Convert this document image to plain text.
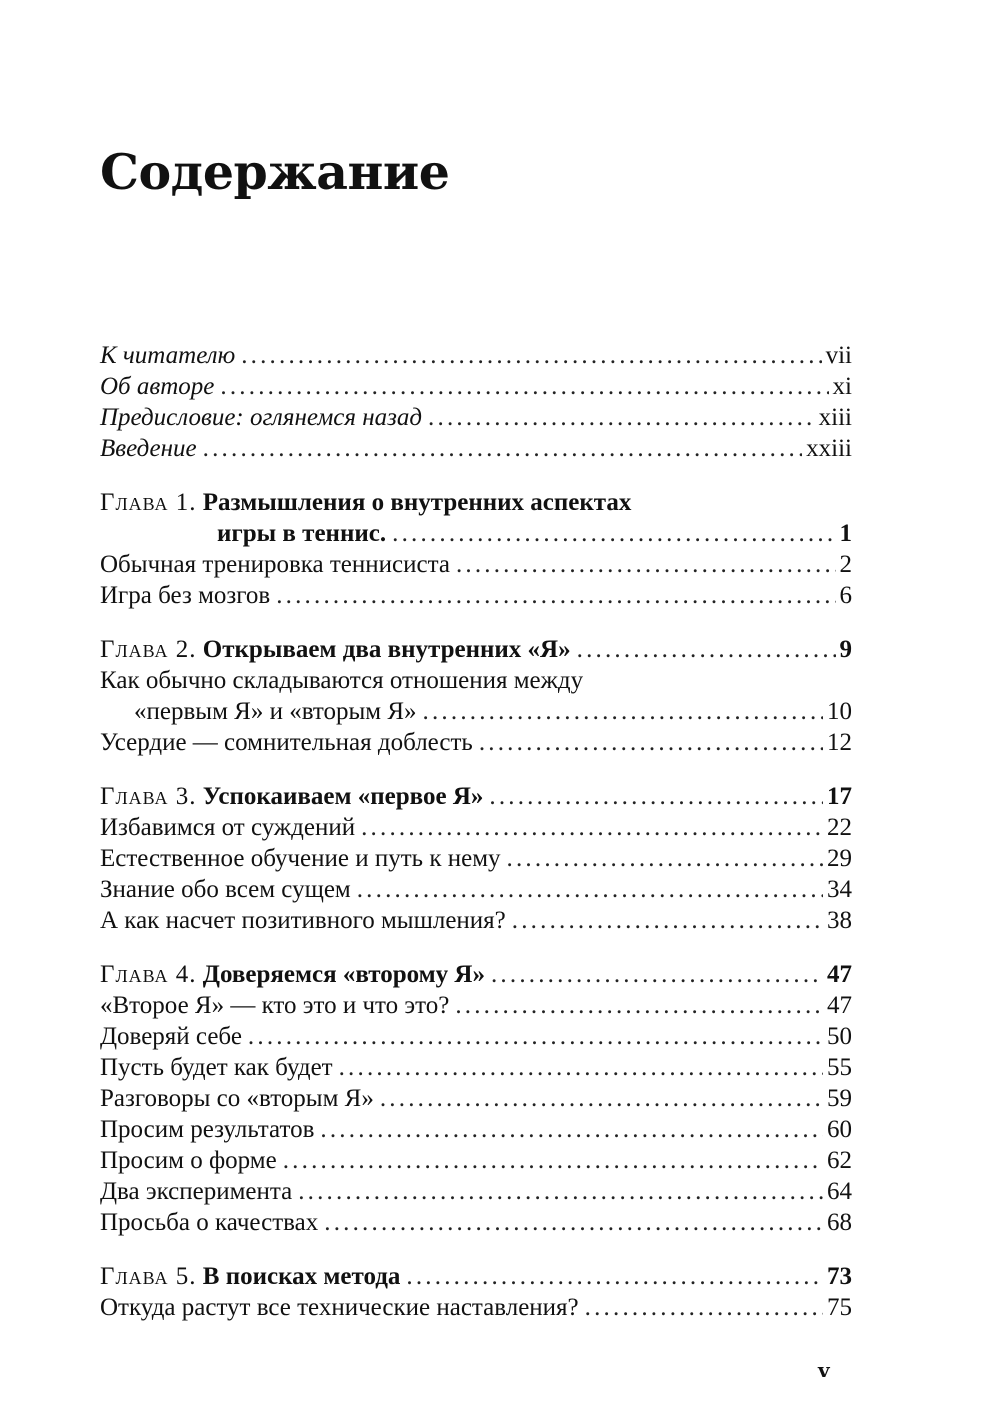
Содержание
К читателю .....	vii
Об авторе .....	xi
Предисловие: оглянемся назад .....	xiii
Введение .....	xxiii
Глава 1. Размышления о внутренних аспектах
игры в теннис. .....	1
Обычная тренировка теннисиста .....	2
Игра без мозгов .....	6
Глава 2. Открываем два внутренних «Я» .....	9
Как обычно складываются отношения между
«первым Я» и «вторым Я» .....	10
Усердие — сомнительная доблесть .....	12
Глава 3. Успокаиваем «первое Я» .....	17
Избавимся от суждений .....	22
Естественное обучение и путь к нему .....	29
Знание обо всем сущем .....	34
А как насчет позитивного мышления? .....	38
Глава 4. Доверяемся «второму Я» .....	47
«Второе Я» — кто это и что это? .....	47
Доверяй себе .....	50
Пусть будет как будет .....	55
Разговоры со «вторым Я» .....	59
Просим результатов .....	60
Просим о форме .....	62
Два эксперимента .....	64
Просьба о качествах .....	68
Глава 5. В поисках метода .....	73
Откуда растут все технические наставления? .....	75
v
